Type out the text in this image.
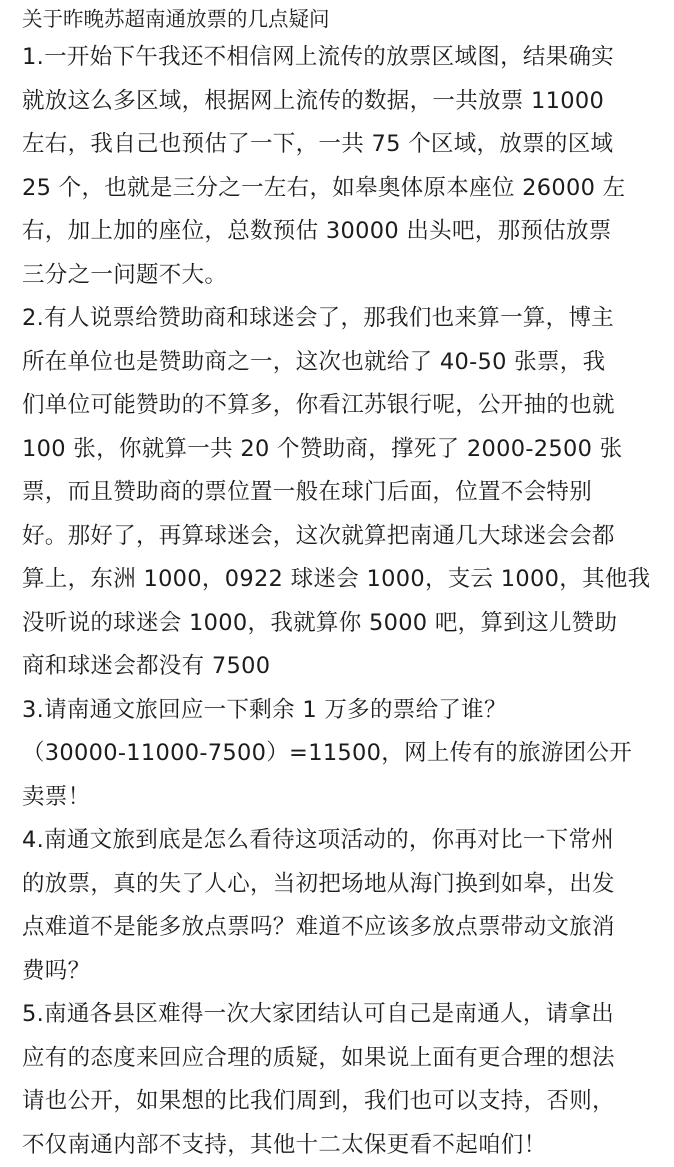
关于昨晚苏超南通放票的几点疑问
1.一开始下午我还不相信网上流传的放票区域图，结果确实
就放这么多区域，根据网上流传的数据，一共放票 11000
左右，我自己也预估了一下，一共 75 个区域，放票的区域
25 个，也就是三分之一左右，如皋奥体原本座位 26000 左
右，加上加的座位，总数预估 30000 出头吧，那预估放票
三分之一问题不大。
2.有人说票给赞助商和球迷会了，那我们也来算一算，博主
所在单位也是赞助商之一，这次也就给了 40-50 张票，我
们单位可能赞助的不算多，你看江苏银行呢，公开抽的也就
100 张，你就算一共 20 个赞助商，撑死了 2000-2500 张
票，而且赞助商的票位置一般在球门后面，位置不会特别
好。那好了，再算球迷会，这次就算把南通几大球迷会会都
算上，东洲 1000，0922 球迷会 1000，支云 1000，其他我
没听说的球迷会 1000，我就算你 5000 吧，算到这儿赞助
商和球迷会都没有 7500
3.请南通文旅回应一下剩余 1 万多的票给了谁？
（30000-11000-7500）=11500，网上传有的旅游团公开
卖票！
4.南通文旅到底是怎么看待这项活动的，你再对比一下常州
的放票，真的失了人心，当初把场地从海门换到如皋，出发
点难道不是能多放点票吗？难道不应该多放点票带动文旅消
费吗？
5.南通各县区难得一次大家团结认可自己是南通人，请拿出
应有的态度来回应合理的质疑，如果说上面有更合理的想法
请也公开，如果想的比我们周到，我们也可以支持，否则，
不仅南通内部不支持，其他十二太保更看不起咱们！
